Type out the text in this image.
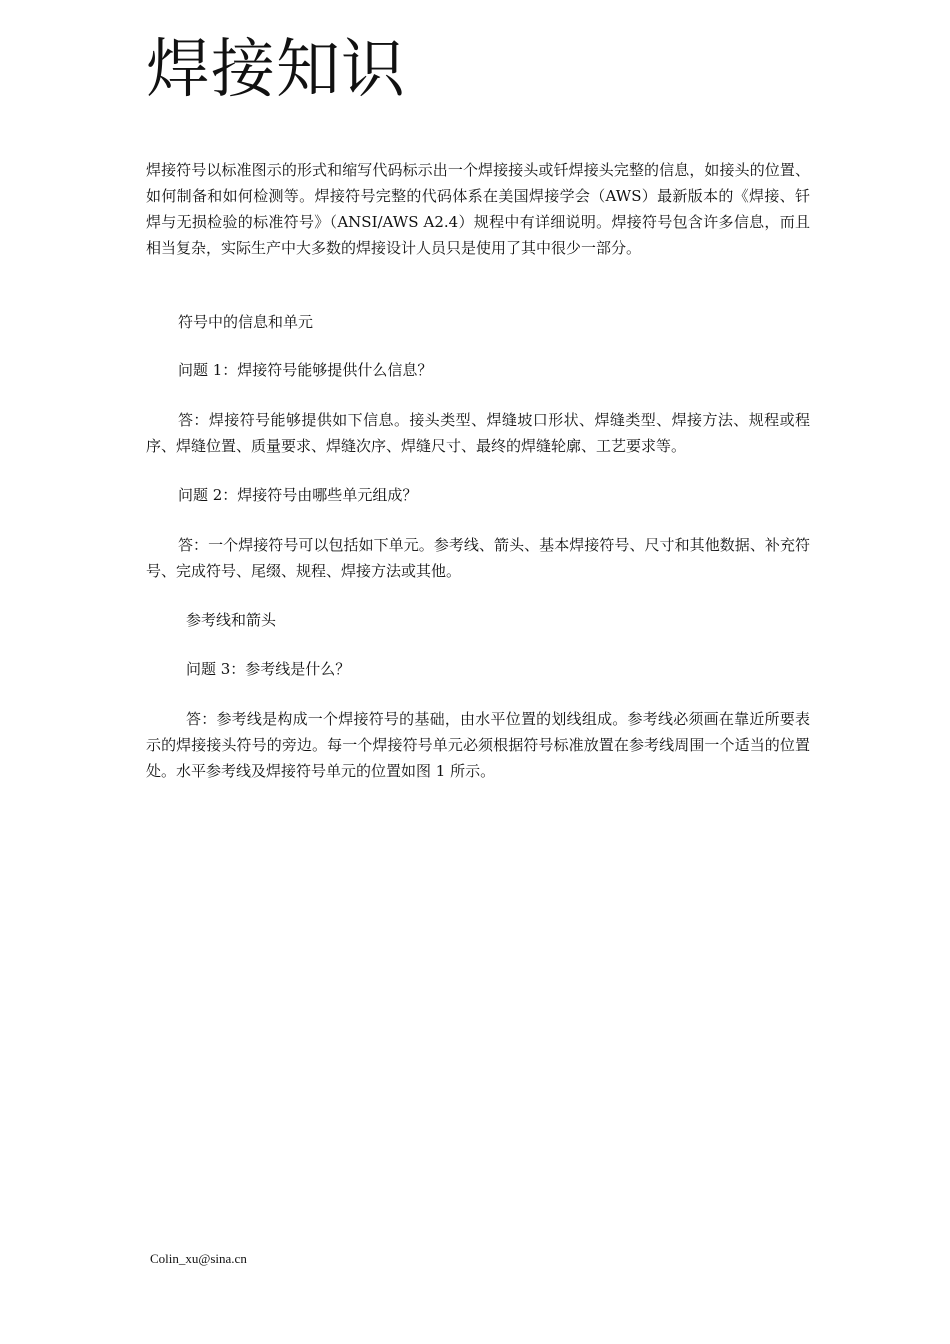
焊接知识

焊接符号以标准图示的形式和缩写代码标示出一个焊接接头或钎焊接头完整的信息，如接头的位置、如何制备和如何检测等。焊接符号完整的代码体系在美国焊接学会（AWS）最新版本的《焊接、钎焊与无损检验的标准符号》（ANSI/AWS A2.4）规程中有详细说明。焊接符号包含许多信息，而且相当复杂，实际生产中大多数的焊接设计人员只是使用了其中很少一部分。

符号中的信息和单元

问题 1：焊接符号能够提供什么信息？

答：焊接符号能够提供如下信息。接头类型、焊缝坡口形状、焊缝类型、焊接方法、规程或程序、焊缝位置、质量要求、焊缝次序、焊缝尺寸、最终的焊缝轮廓、工艺要求等。

问题 2：焊接符号由哪些单元组成？

答：一个焊接符号可以包括如下单元。参考线、箭头、基本焊接符号、尺寸和其他数据、补充符号、完成符号、尾缀、规程、焊接方法或其他。

参考线和箭头

问题 3：参考线是什么？

答：参考线是构成一个焊接符号的基础，由水平位置的划线组成。参考线必须画在靠近所要表示的焊接接头符号的旁边。每一个焊接符号单元必须根据符号标准放置在参考线周围一个适当的位置处。水平参考线及焊接符号单元的位置如图 1 所示。

Colin_xu@sina.cn
